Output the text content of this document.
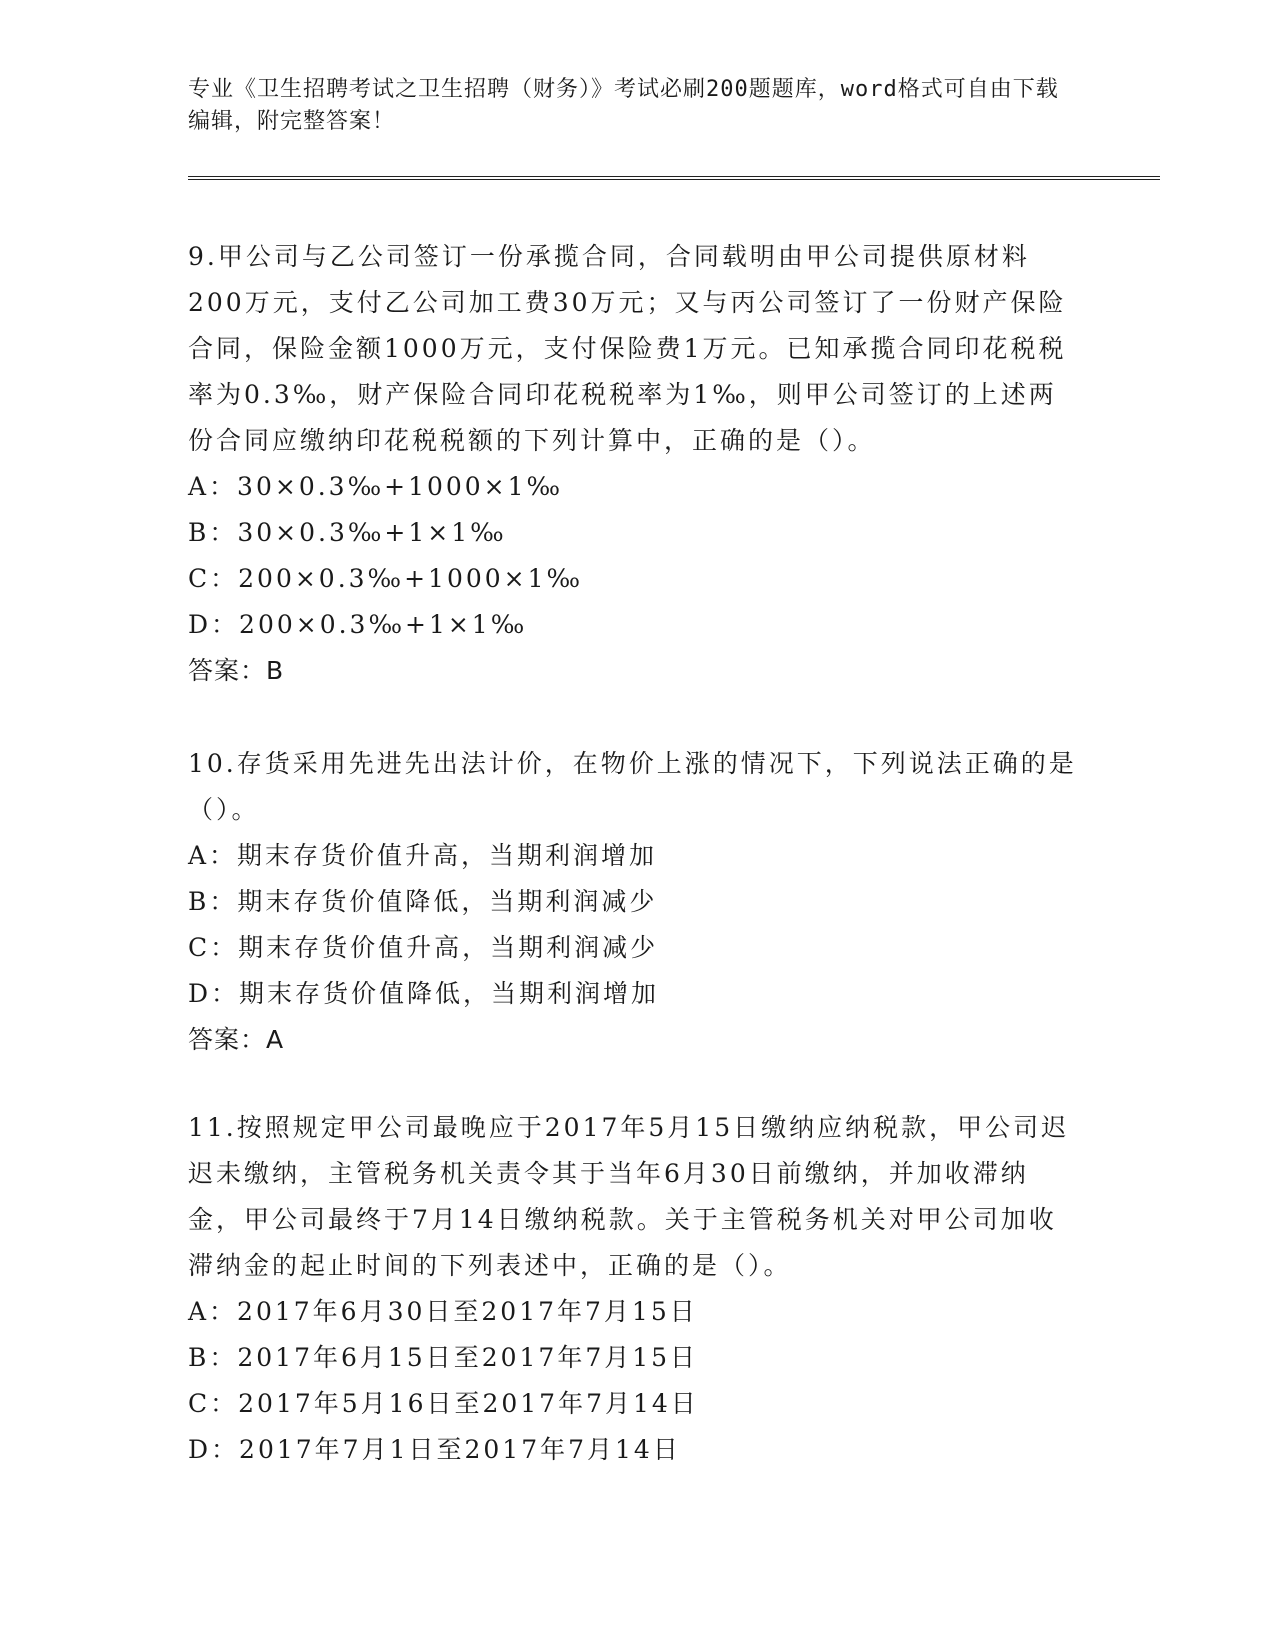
专业《卫生招聘考试之卫生招聘（财务）》考试必刷200题题库，word格式可自由下载编辑，附完整答案！
9.甲公司与乙公司签订一份承揽合同，合同载明由甲公司提供原材料200万元，支付乙公司加工费30万元；又与丙公司签订了一份财产保险合同，保险金额1000万元，支付保险费1万元。已知承揽合同印花税税率为0.3‰，财产保险合同印花税税率为1‰，则甲公司签订的上述两份合同应缴纳印花税税额的下列计算中，正确的是（）。
A：30×0.3‰+1000×1‰
B：30×0.3‰+1×1‰
C：200×0.3‰+1000×1‰
D：200×0.3‰+1×1‰
答案：B
10.存货采用先进先出法计价，在物价上涨的情况下，下列说法正确的是（）。
A：期末存货价值升高，当期利润增加
B：期末存货价值降低，当期利润减少
C：期末存货价值升高，当期利润减少
D：期末存货价值降低，当期利润增加
答案：A
11.按照规定甲公司最晚应于2017年5月15日缴纳应纳税款，甲公司迟迟未缴纳，主管税务机关责令其于当年6月30日前缴纳，并加收滞纳金，甲公司最终于7月14日缴纳税款。关于主管税务机关对甲公司加收滞纳金的起止时间的下列表述中，正确的是（）。
A：2017年6月30日至2017年7月15日
B：2017年6月15日至2017年7月15日
C：2017年5月16日至2017年7月14日
D：2017年7月1日至2017年7月14日
